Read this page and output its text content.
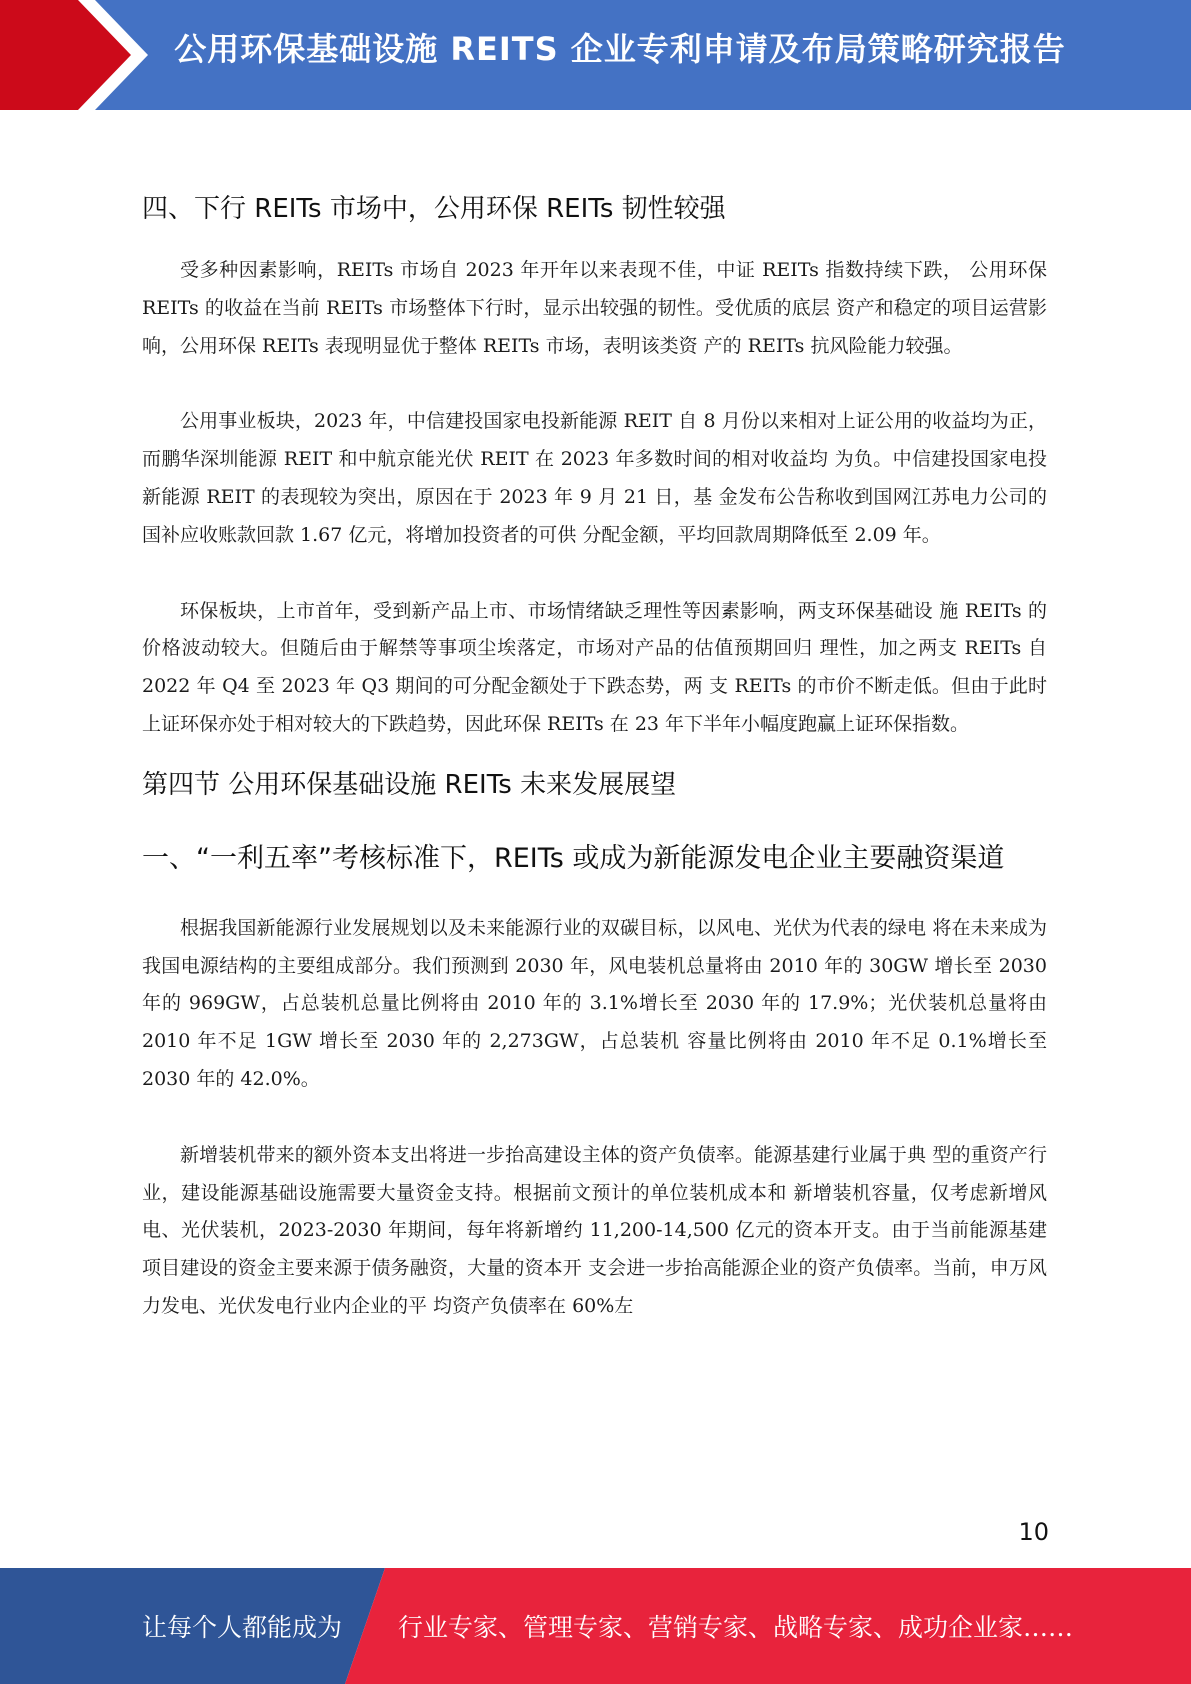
公用环保基础设施 REITS 企业专利申请及布局策略研究报告
四、下行 REITs 市场中，公用环保 REITs 韧性较强

受多种因素影响，REITs 市场自 2023 年开年以来表现不佳，中证 REITs 指数持续下跌， 公用环保 REITs 的收益在当前 REITs 市场整体下行时，显示出较强的韧性。受优质的底层 资产和稳定的项目运营影响，公用环保 REITs 表现明显优于整体 REITs 市场，表明该类资 产的 REITs 抗风险能力较强。

公用事业板块，2023 年，中信建投国家电投新能源 REIT 自 8 月份以来相对上证公用的收益均为正，而鹏华深圳能源 REIT 和中航京能光伏 REIT 在 2023 年多数时间的相对收益均 为负。中信建投国家电投新能源 REIT 的表现较为突出，原因在于 2023 年 9 月 21 日，基 金发布公告称收到国网江苏电力公司的国补应收账款回款 1.67 亿元，将增加投资者的可供 分配金额，平均回款周期降低至 2.09 年。

环保板块，上市首年，受到新产品上市、市场情绪缺乏理性等因素影响，两支环保基础设 施 REITs 的价格波动较大。但随后由于解禁等事项尘埃落定，市场对产品的估值预期回归 理性，加之两支 REITs 自 2022 年 Q4 至 2023 年 Q3 期间的可分配金额处于下跌态势，两 支 REITs 的市价不断走低。但由于此时上证环保亦处于相对较大的下跌趋势，因此环保 REITs 在 23 年下半年小幅度跑赢上证环保指数。

第四节 公用环保基础设施 REITs 未来发展展望
一、“一利五率”考核标准下，REITs 或成为新能源发电企业主要融资渠道

根据我国新能源行业发展规划以及未来能源行业的双碳目标，以风电、光伏为代表的绿电 将在未来成为我国电源结构的主要组成部分。我们预测到 2030 年，风电装机总量将由 2010 年的 30GW 增长至 2030 年的 969GW，占总装机总量比例将由 2010 年的 3.1%增长至 2030 年的 17.9%；光伏装机总量将由 2010 年不足 1GW 增长至 2030 年的 2,273GW，占总装机 容量比例将由 2010 年不足 0.1%增长至 2030 年的 42.0%。

新增装机带来的额外资本支出将进一步抬高建设主体的资产负债率。能源基建行业属于典 型的重资产行业，建设能源基础设施需要大量资金支持。根据前文预计的单位装机成本和 新增装机容量，仅考虑新增风电、光伏装机，2023-2030 年期间，每年将新增约 11,200-14,500 亿元的资本开支。由于当前能源基建项目建设的资金主要来源于债务融资，大量的资本开 支会进一步抬高能源企业的资产负债率。当前，申万风力发电、光伏发电行业内企业的平 均资产负债率在 60%左

10
让每个人都能成为 行业专家、管理专家、营销专家、战略专家、成功企业家……
